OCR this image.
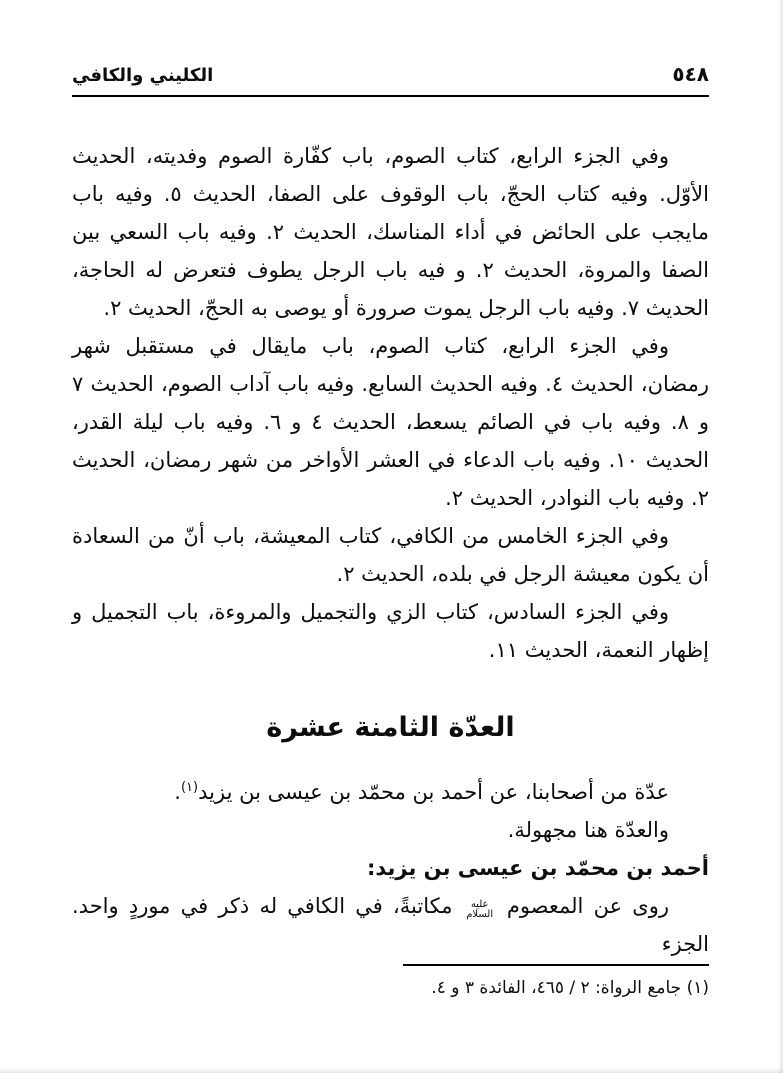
٥٤٨
الكليني والكافي

وفي الجزء الرابع، كتاب الصوم، باب كفّارة الصوم وفديته، الحديث الأوّل. وفيه كتاب الحجّ، باب الوقوف على الصفا، الحديث ٥. وفيه باب مايجب على الحائض في أداء المناسك، الحديث ٢. وفيه باب السعي بين الصفا والمروة، الحديث ٢. و فيه باب الرجل يطوف فتعرض له الحاجة، الحديث ٧. وفيه باب الرجل يموت صرورة أو يوصى به الحجّ، الحديث ٢.

وفي الجزء الرابع، كتاب الصوم، باب مايقال في مستقبل شهر رمضان، الحديث ٤. وفيه الحديث السابع. وفيه باب آداب الصوم، الحديث ٧ و ٨. وفيه باب في الصائم يسعط، الحديث ٤ و ٦. وفيه باب ليلة القدر، الحديث ١٠. وفيه باب الدعاء في العشر الأواخر من شهر رمضان، الحديث ٢. وفيه باب النوادر، الحديث ٢.

وفي الجزء الخامس من الكافي، كتاب المعيشة، باب أنّ من السعادة أن يكون معيشة الرجل في بلده، الحديث ٢.

وفي الجزء السادس، كتاب الزي والتجميل والمروءة، باب التجميل و إظهار النعمة، الحديث ١١.

العدّة الثامنة عشرة

عدّة من أصحابنا، عن أحمد بن محمّد بن عيسى بن يزيد$^{(١)}$.

والعدّة هنا مجهولة.

أحمد بن محمّد بن عيسى بن يزيد:

روى عن المعصوم عليه السلام مكاتبةً، في الكافي له ذكر في موردٍ واحد. الجزء

(١) جامع الرواة: ٢ / ٤٦٥، الفائدة ٣ و ٤.
